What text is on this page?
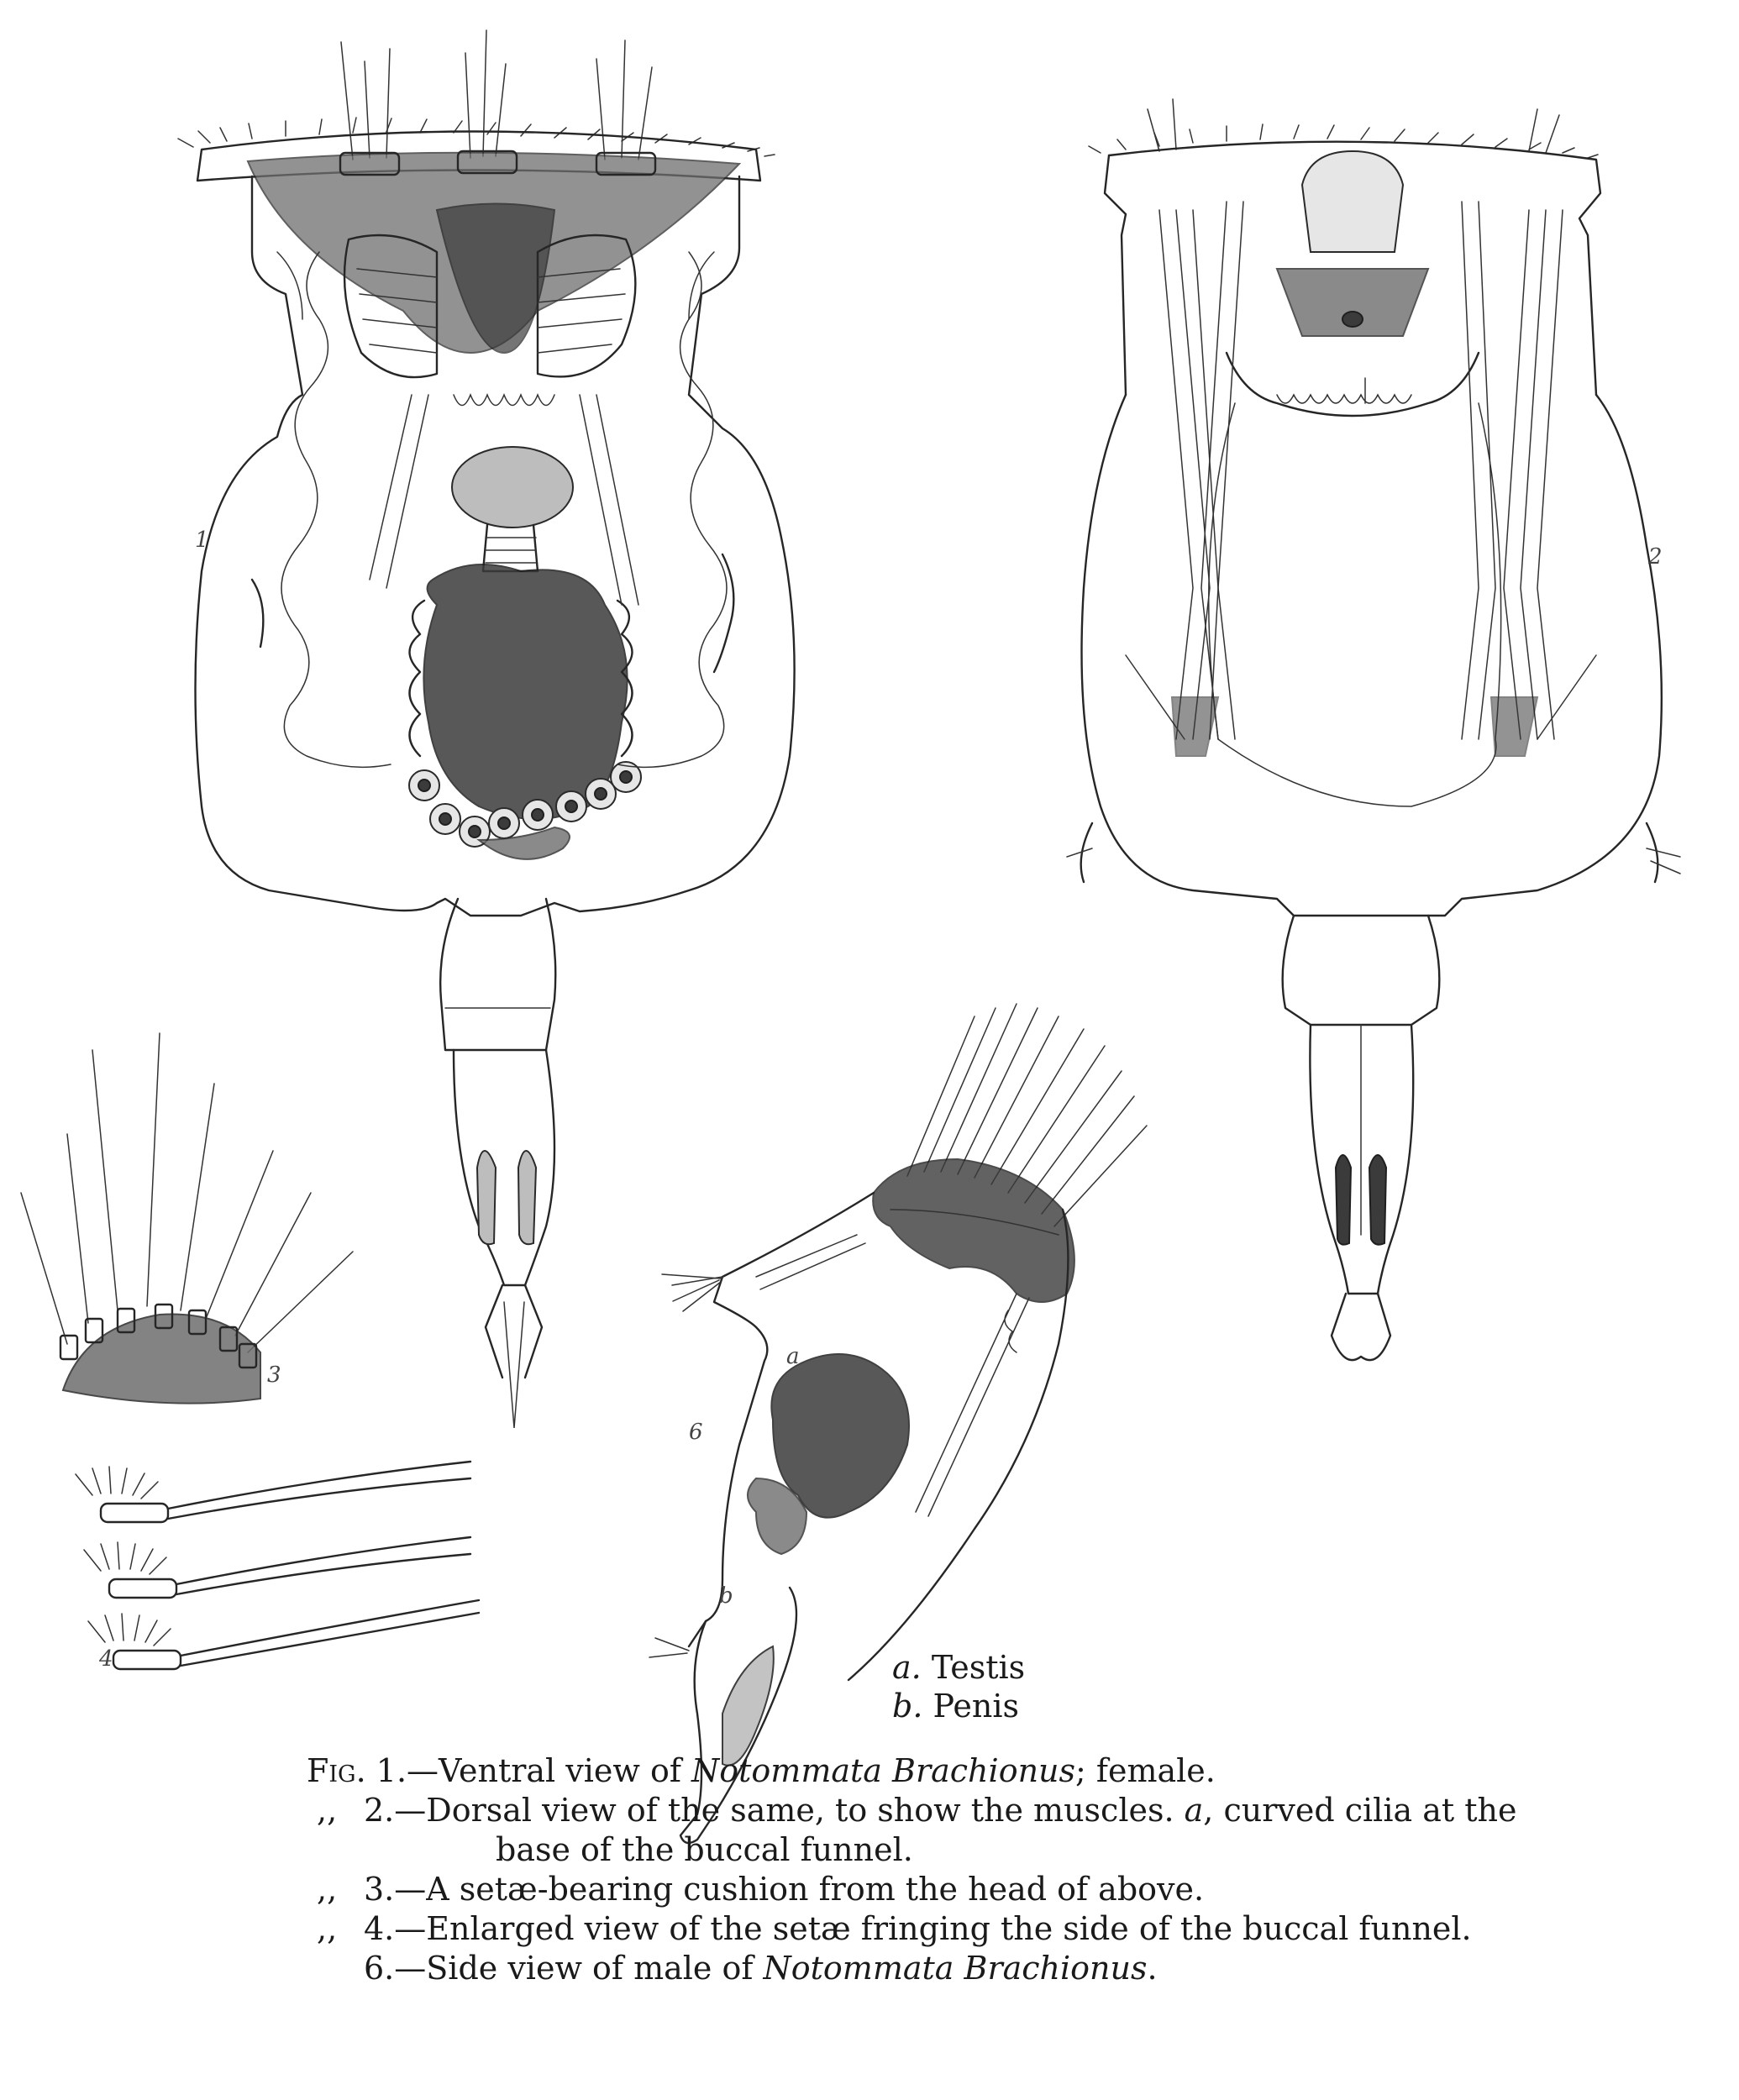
1
2
3
4
6
a
b
a. Testis
b. Penis
Fig. 1.—Ventral view of Notommata Brachionus; female.
,, 2.—Dorsal view of the same, to show the muscles. a, curved cilia at the
base of the buccal funnel.
,, 3.—A setæ-bearing cushion from the head of above.
,, 4.—Enlarged view of the setæ fringing the side of the buccal funnel.
6.—Side view of male of Notommata Brachionus.
